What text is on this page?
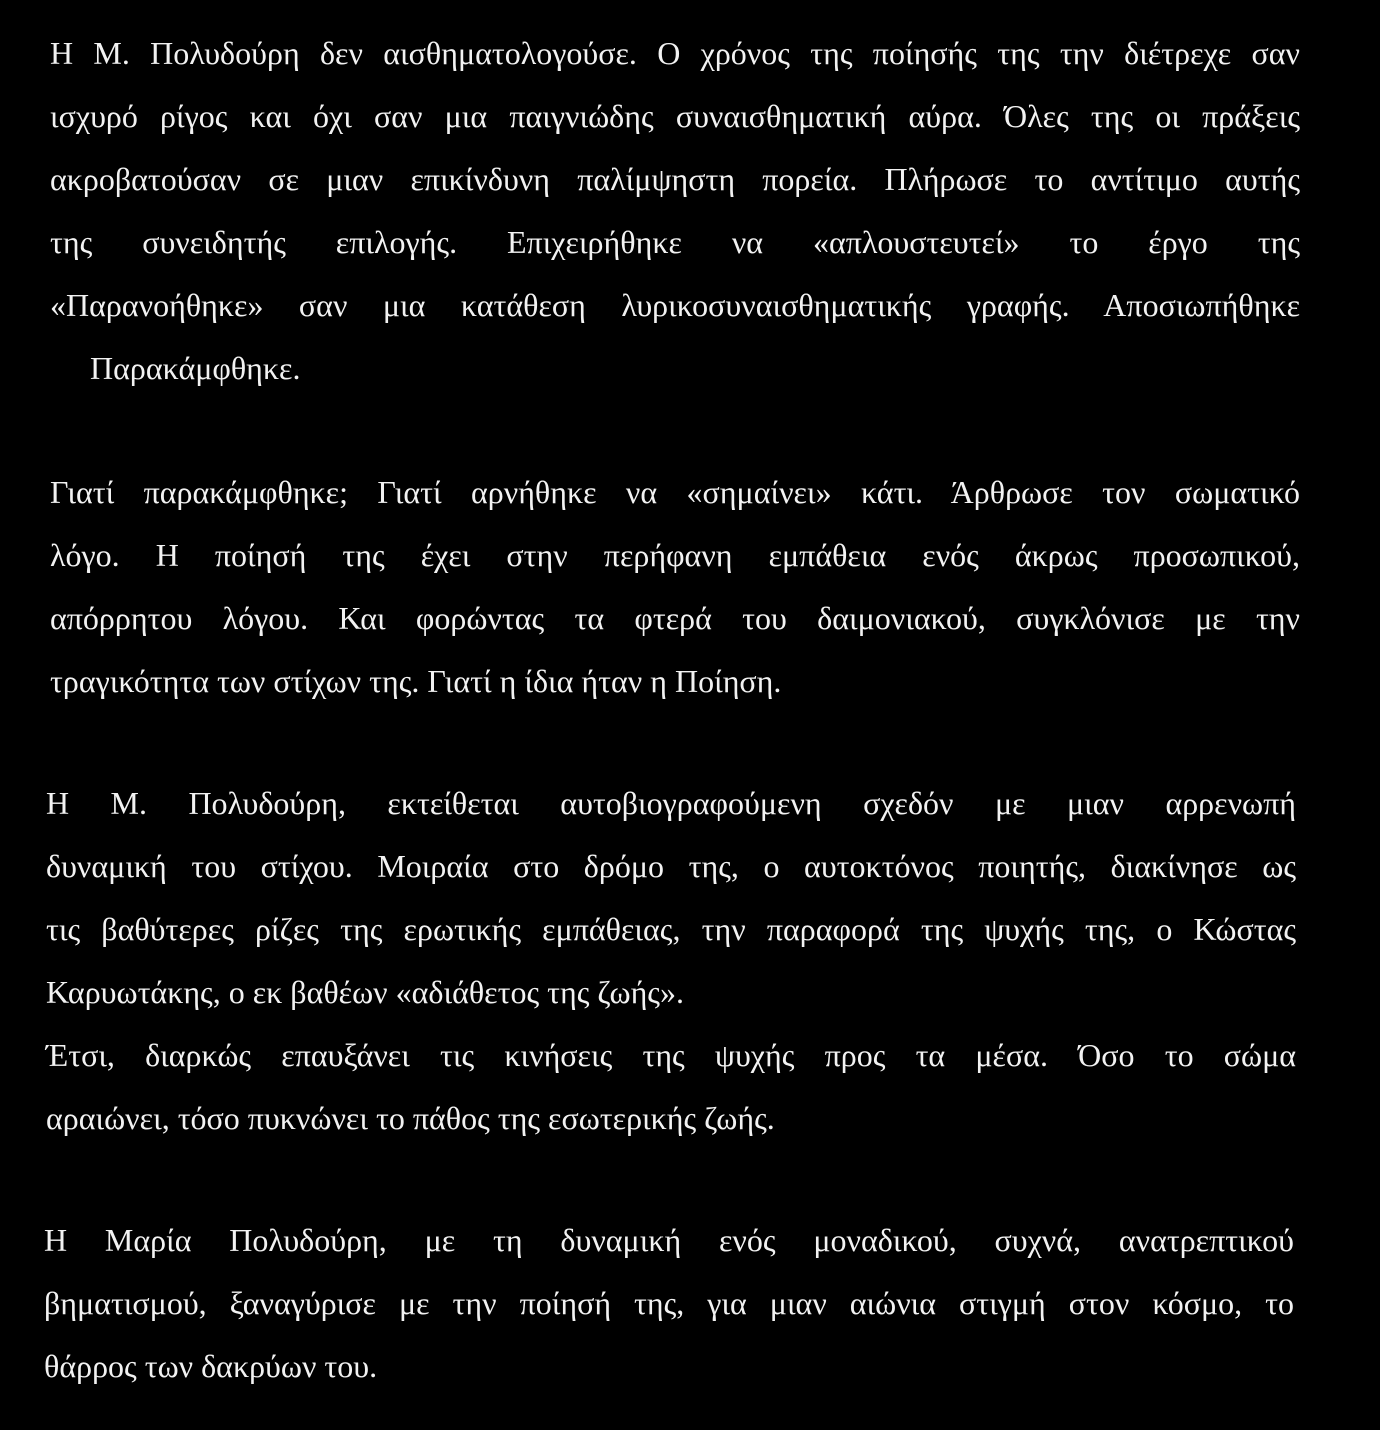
Η Μ. Πολυδούρη δεν αισθηματολογούσε. Ο χρόνος της ποίησής της την διέτρεχε σαν
ισχυρό ρίγος και όχι σαν μια παιγνιώδης συναισθηματική αύρα. Όλες της οι πράξεις
ακροβατούσαν σε μιαν επικίνδυνη παλίμψηστη πορεία. Πλήρωσε το αντίτιμο αυτής
της συνειδητής επιλογής. Επιχειρήθηκε να «απλουστευτεί» το έργο της
«Παρανοήθηκε» σαν μια κατάθεση λυρικοσυναισθηματικής γραφής. Αποσιωπήθηκε
Παρακάμφθηκε.
Γιατί παρακάμφθηκε; Γιατί αρνήθηκε να «σημαίνει» κάτι. Άρθρωσε τον σωματικό
λόγο. Η ποίησή της έχει στην περήφανη εμπάθεια ενός άκρως προσωπικού,
απόρρητου λόγου. Και φορώντας τα φτερά του δαιμονιακού, συγκλόνισε με την
τραγικότητα των στίχων της. Γιατί η ίδια ήταν η Ποίηση.
Η Μ. Πολυδούρη, εκτείθεται αυτοβιογραφούμενη σχεδόν με μιαν αρρενωπή
δυναμική του στίχου. Μοιραία στο δρόμο της, ο αυτοκτόνος ποιητής, διακίνησε ως
τις βαθύτερες ρίζες της ερωτικής εμπάθειας, την παραφορά της ψυχής της, ο Κώστας
Καρυωτάκης, ο εκ βαθέων «αδιάθετος της ζωής».
Έτσι, διαρκώς επαυξάνει τις κινήσεις της ψυχής προς τα μέσα. Όσο το σώμα
αραιώνει, τόσο πυκνώνει το πάθος της εσωτερικής ζωής.
Η Μαρία Πολυδούρη, με τη δυναμική ενός μοναδικού, συχνά, ανατρεπτικού
βηματισμού, ξαναγύρισε με την ποίησή της, για μιαν αιώνια στιγμή στον κόσμο, το
θάρρος των δακρύων του.
